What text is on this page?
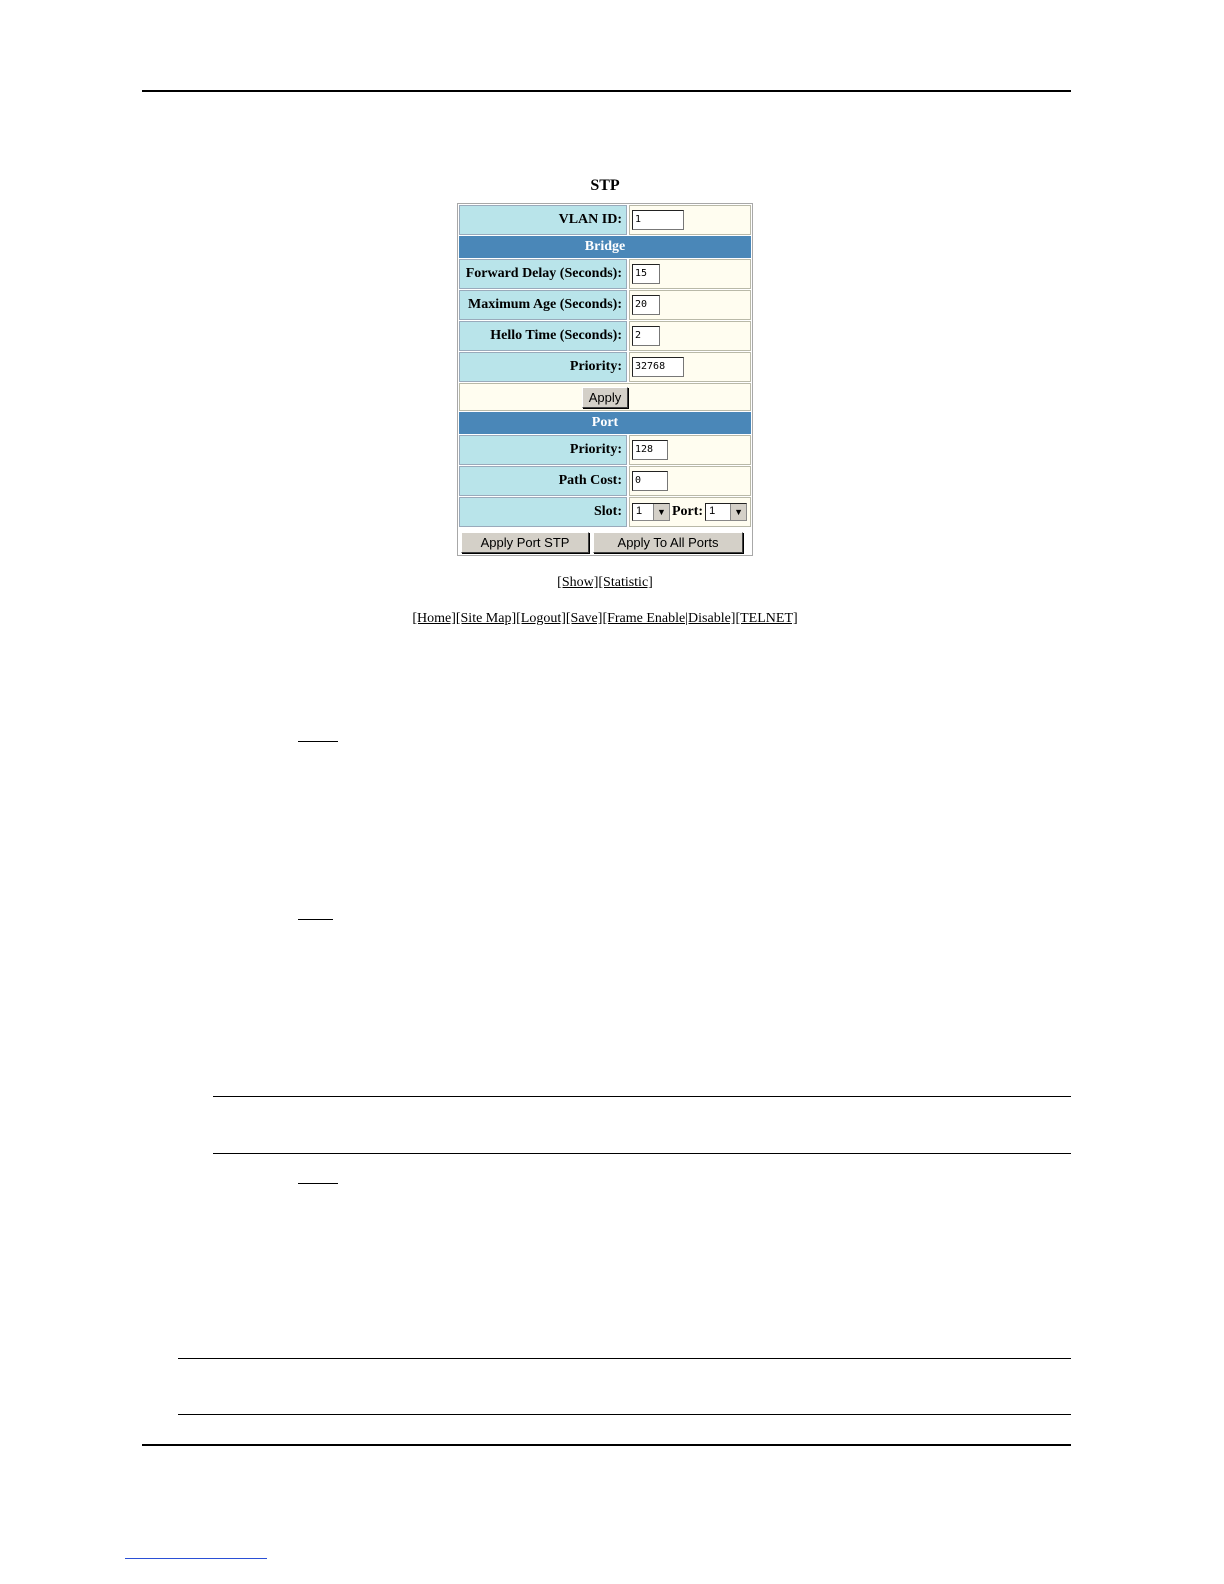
STP
VLAN ID:	1
Bridge
Forward Delay (Seconds):	15
Maximum Age (Seconds):	20
Hello Time (Seconds):	2
Priority:	32768
Apply
Port
Priority:	128
Path Cost:	0
Slot:	1	▼ Port: 1	▼
Apply Port STP	Apply To All Ports
[Show][Statistic]
[Home][Site Map][Logout][Save][Frame Enable|Disable][TELNET]
